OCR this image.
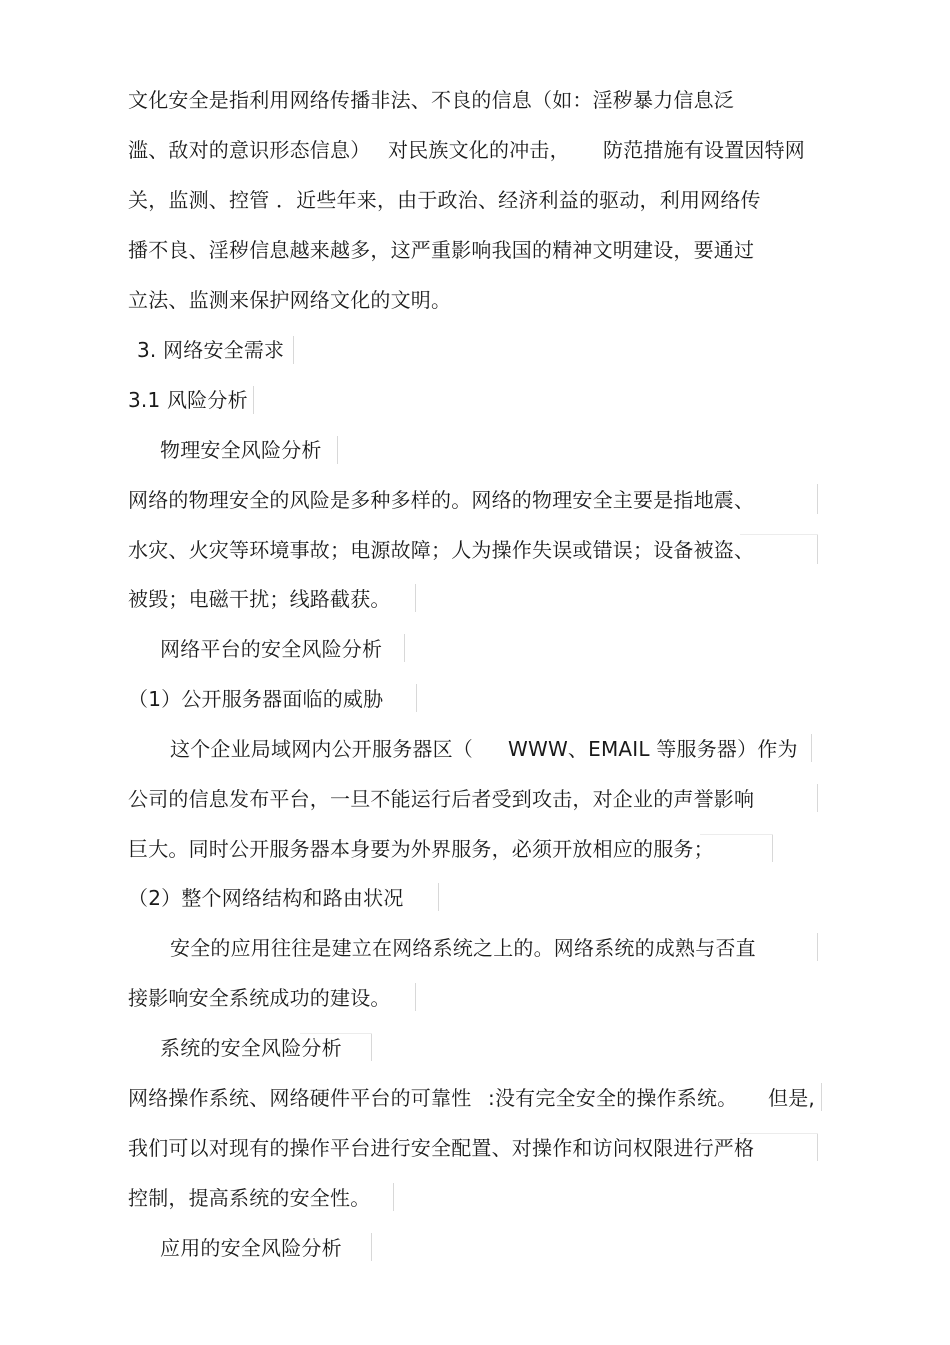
文化安全是指利用网络传播非法、不良的信息（如：淫秽暴力信息泛
滥、敌对的意识形态信息） 对民族文化的冲击， 防范措施有设置因特网
关，监测、控管 ．近些年来，由于政治、经济利益的驱动，利用网络传
播不良、淫秽信息越来越多，这严重影响我国的精神文明建设，要通过
立法、监测来保护网络文化的文明。
3. 网络安全需求
3.1 风险分析
物理安全风险分析
网络的物理安全的风险是多种多样的。网络的物理安全主要是指地震、
水灾、火灾等环境事故；电源故障；人为操作失误或错误；设备被盗、
被毁；电磁干扰；线路截获。
网络平台的安全风险分析
（1）公开服务器面临的威胁
这个企业局域网内公开服务器区（ WWW、EMAIL 等服务器）作为
公司的信息发布平台，一旦不能运行后者受到攻击，对企业的声誉影响
巨大。同时公开服务器本身要为外界服务，必须开放相应的服务；
（2）整个网络结构和路由状况
安全的应用往往是建立在网络系统之上的。网络系统的成熟与否直
接影响安全系统成功的建设。
系统的安全风险分析
网络操作系统、网络硬件平台的可靠性 :没有完全安全的操作系统。 但是,
我们可以对现有的操作平台进行安全配置、对操作和访问权限进行严格
控制，提高系统的安全性。
应用的安全风险分析
